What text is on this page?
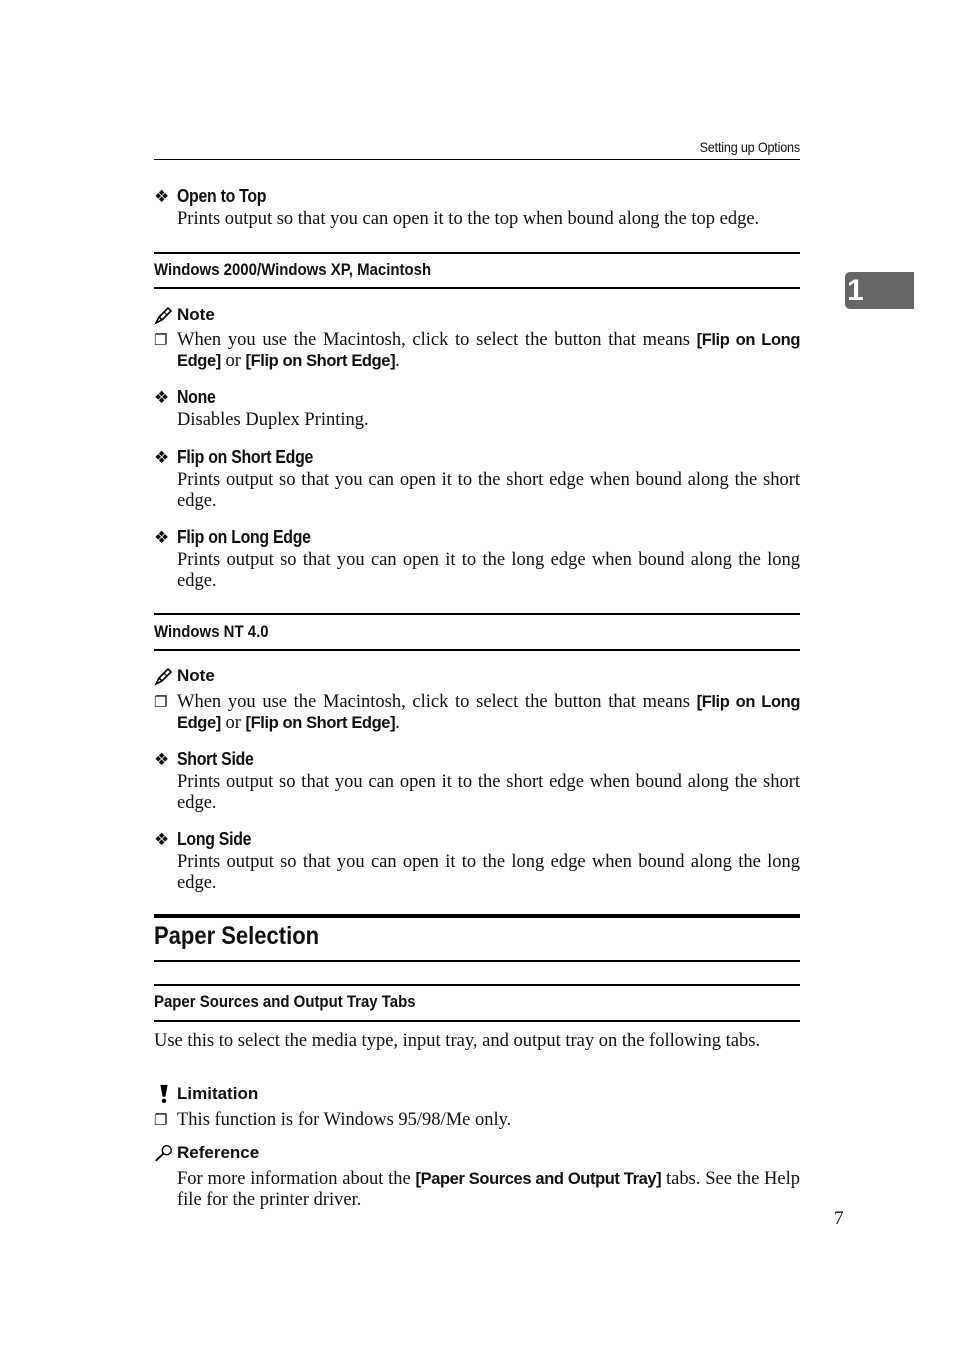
Setting up Options
1
❖ Open to Top
Prints output so that you can open it to the top when bound along the top edge.
Windows 2000/Windows XP, Macintosh
Note
❐ When you use the Macintosh, click to select the button that means [Flip on Long Edge] or [Flip on Short Edge].
❖ None
Disables Duplex Printing.
❖ Flip on Short Edge
Prints output so that you can open it to the short edge when bound along the short edge.
❖ Flip on Long Edge
Prints output so that you can open it to the long edge when bound along the long edge.
Windows NT 4.0
Note
❐ When you use the Macintosh, click to select the button that means [Flip on Long Edge] or [Flip on Short Edge].
❖ Short Side
Prints output so that you can open it to the short edge when bound along the short edge.
❖ Long Side
Prints output so that you can open it to the long edge when bound along the long edge.
Paper Selection
Paper Sources and Output Tray Tabs
Use this to select the media type, input tray, and output tray on the following tabs.
Limitation
❐ This function is for Windows 95/98/Me only.
Reference
For more information about the [Paper Sources and Output Tray] tabs. See the Help file for the printer driver.
7
